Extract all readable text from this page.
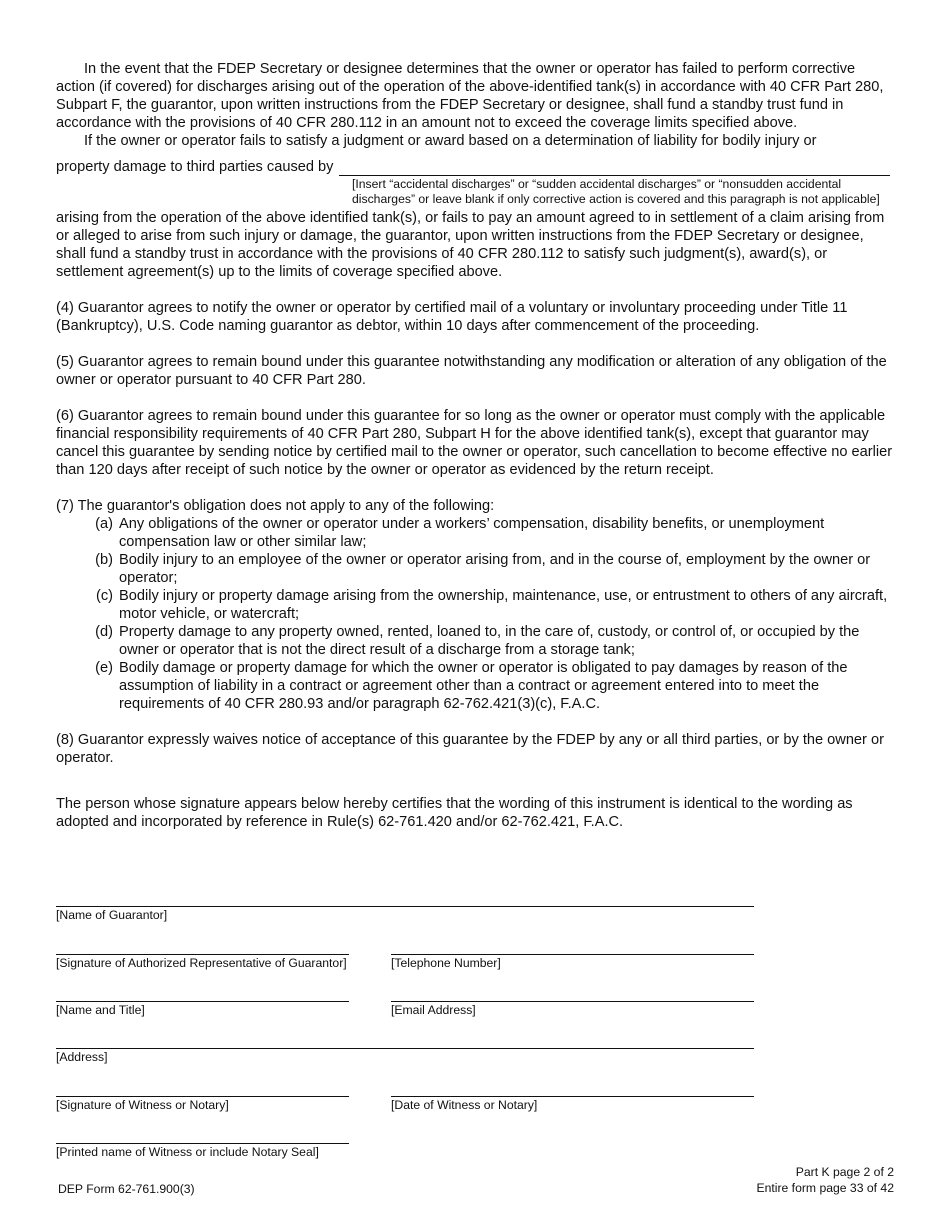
In the event that the FDEP Secretary or designee determines that the owner or operator has failed to perform corrective action (if covered) for discharges arising out of the operation of the above-identified tank(s) in accordance with 40 CFR Part 280, Subpart F, the guarantor, upon written instructions from the FDEP Secretary or designee, shall fund a standby trust fund in accordance with the provisions of 40 CFR 280.112 in an amount not to exceed the coverage limits specified above.

If the owner or operator fails to satisfy a judgment or award based on a determination of liability for bodily injury or

property damage to third parties caused by
[Insert “accidental discharges” or “sudden accidental discharges” or “nonsudden accidental discharges” or leave blank if only corrective action is covered and this paragraph is not applicable]

arising from the operation of the above identified tank(s), or fails to pay an amount agreed to in settlement of a claim arising from or alleged to arise from such injury or damage, the guarantor, upon written instructions from the FDEP Secretary or designee, shall fund a standby trust in accordance with the provisions of 40 CFR 280.112 to satisfy such judgment(s), award(s), or settlement agreement(s) up to the limits of coverage specified above.

(4) Guarantor agrees to notify the owner or operator by certified mail of a voluntary or involuntary proceeding under Title 11 (Bankruptcy), U.S. Code naming guarantor as debtor, within 10 days after commencement of the proceeding.

(5) Guarantor agrees to remain bound under this guarantee notwithstanding any modification or alteration of any obligation of the owner or operator pursuant to 40 CFR Part 280.

(6) Guarantor agrees to remain bound under this guarantee for so long as the owner or operator must comply with the applicable financial responsibility requirements of 40 CFR Part 280, Subpart H for the above identified tank(s), except that guarantor may cancel this guarantee by sending notice by certified mail to the owner or operator, such cancellation to become effective no earlier than 120 days after receipt of such notice by the owner or operator as evidenced by the return receipt.

(7) The guarantor's obligation does not apply to any of the following:

(a) Any obligations of the owner or operator under a workers’ compensation, disability benefits, or unemployment compensation law or other similar law;
(b) Bodily injury to an employee of the owner or operator arising from, and in the course of, employment by the owner or operator;
(c) Bodily injury or property damage arising from the ownership, maintenance, use, or entrustment to others of any aircraft, motor vehicle, or watercraft;
(d) Property damage to any property owned, rented, loaned to, in the care of, custody, or control of, or occupied by the owner or operator that is not the direct result of a discharge from a storage tank;
(e) Bodily damage or property damage for which the owner or operator is obligated to pay damages by reason of the assumption of liability in a contract or agreement other than a contract or agreement entered into to meet the requirements of 40 CFR 280.93 and/or paragraph 62-762.421(3)(c), F.A.C.

(8) Guarantor expressly waives notice of acceptance of this guarantee by the FDEP by any or all third parties, or by the owner or operator.

The person whose signature appears below hereby certifies that the wording of this instrument is identical to the wording as adopted and incorporated by reference in Rule(s) 62-761.420 and/or 62-762.421, F.A.C.

[Name of Guarantor]
[Signature of Authorized Representative of Guarantor]	[Telephone Number]
[Name and Title]	[Email Address]
[Address]
[Signature of Witness or Notary]	[Date of Witness or Notary]
[Printed name of Witness or include Notary Seal]
DEP Form 62-761.900(3)
Part K page 2 of 2
Entire form page 33 of 42
